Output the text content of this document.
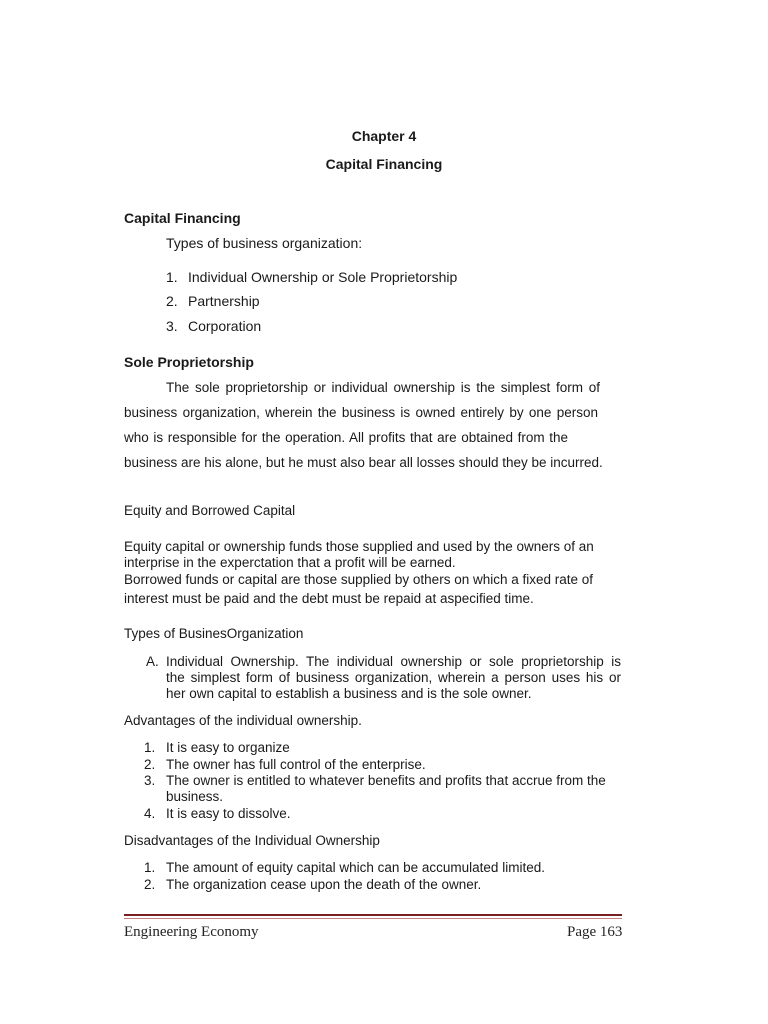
Chapter 4
Capital Financing
Capital Financing
Types of business organization:
1. Individual Ownership or Sole Proprietorship
2. Partnership
3. Corporation
Sole Proprietorship
The sole proprietorship or individual ownership is the simplest form of
business organization, wherein the business is owned entirely by one person
who is responsible for the operation. All profits that are obtained from the
business are his alone, but he must also bear all losses should they be incurred.
Equity and Borrowed Capital
Equity capital or ownership funds those supplied and used by the owners of an
interprise in the experctation that a profit will be earned.
Borrowed funds or capital are those supplied by others on which a fixed rate of
interest must be paid and the debt must be repaid at aspecified time.
Types of BusinesOrganization
A. Individual Ownership. The individual ownership or sole proprietorship is
the simplest form of business organization, wherein a person uses his or
her own capital to establish a business and is the sole owner.
Advantages of the individual ownership.
1. It is easy to organize
2. The owner has full control of the enterprise.
3. The owner is entitled to whatever benefits and profits that accrue from the
business.
4. It is easy to dissolve.
Disadvantages of the Individual Ownership
1. The amount of equity capital which can be accumulated limited.
2. The organization cease upon the death of the owner.
Engineering Economy	Page 163
